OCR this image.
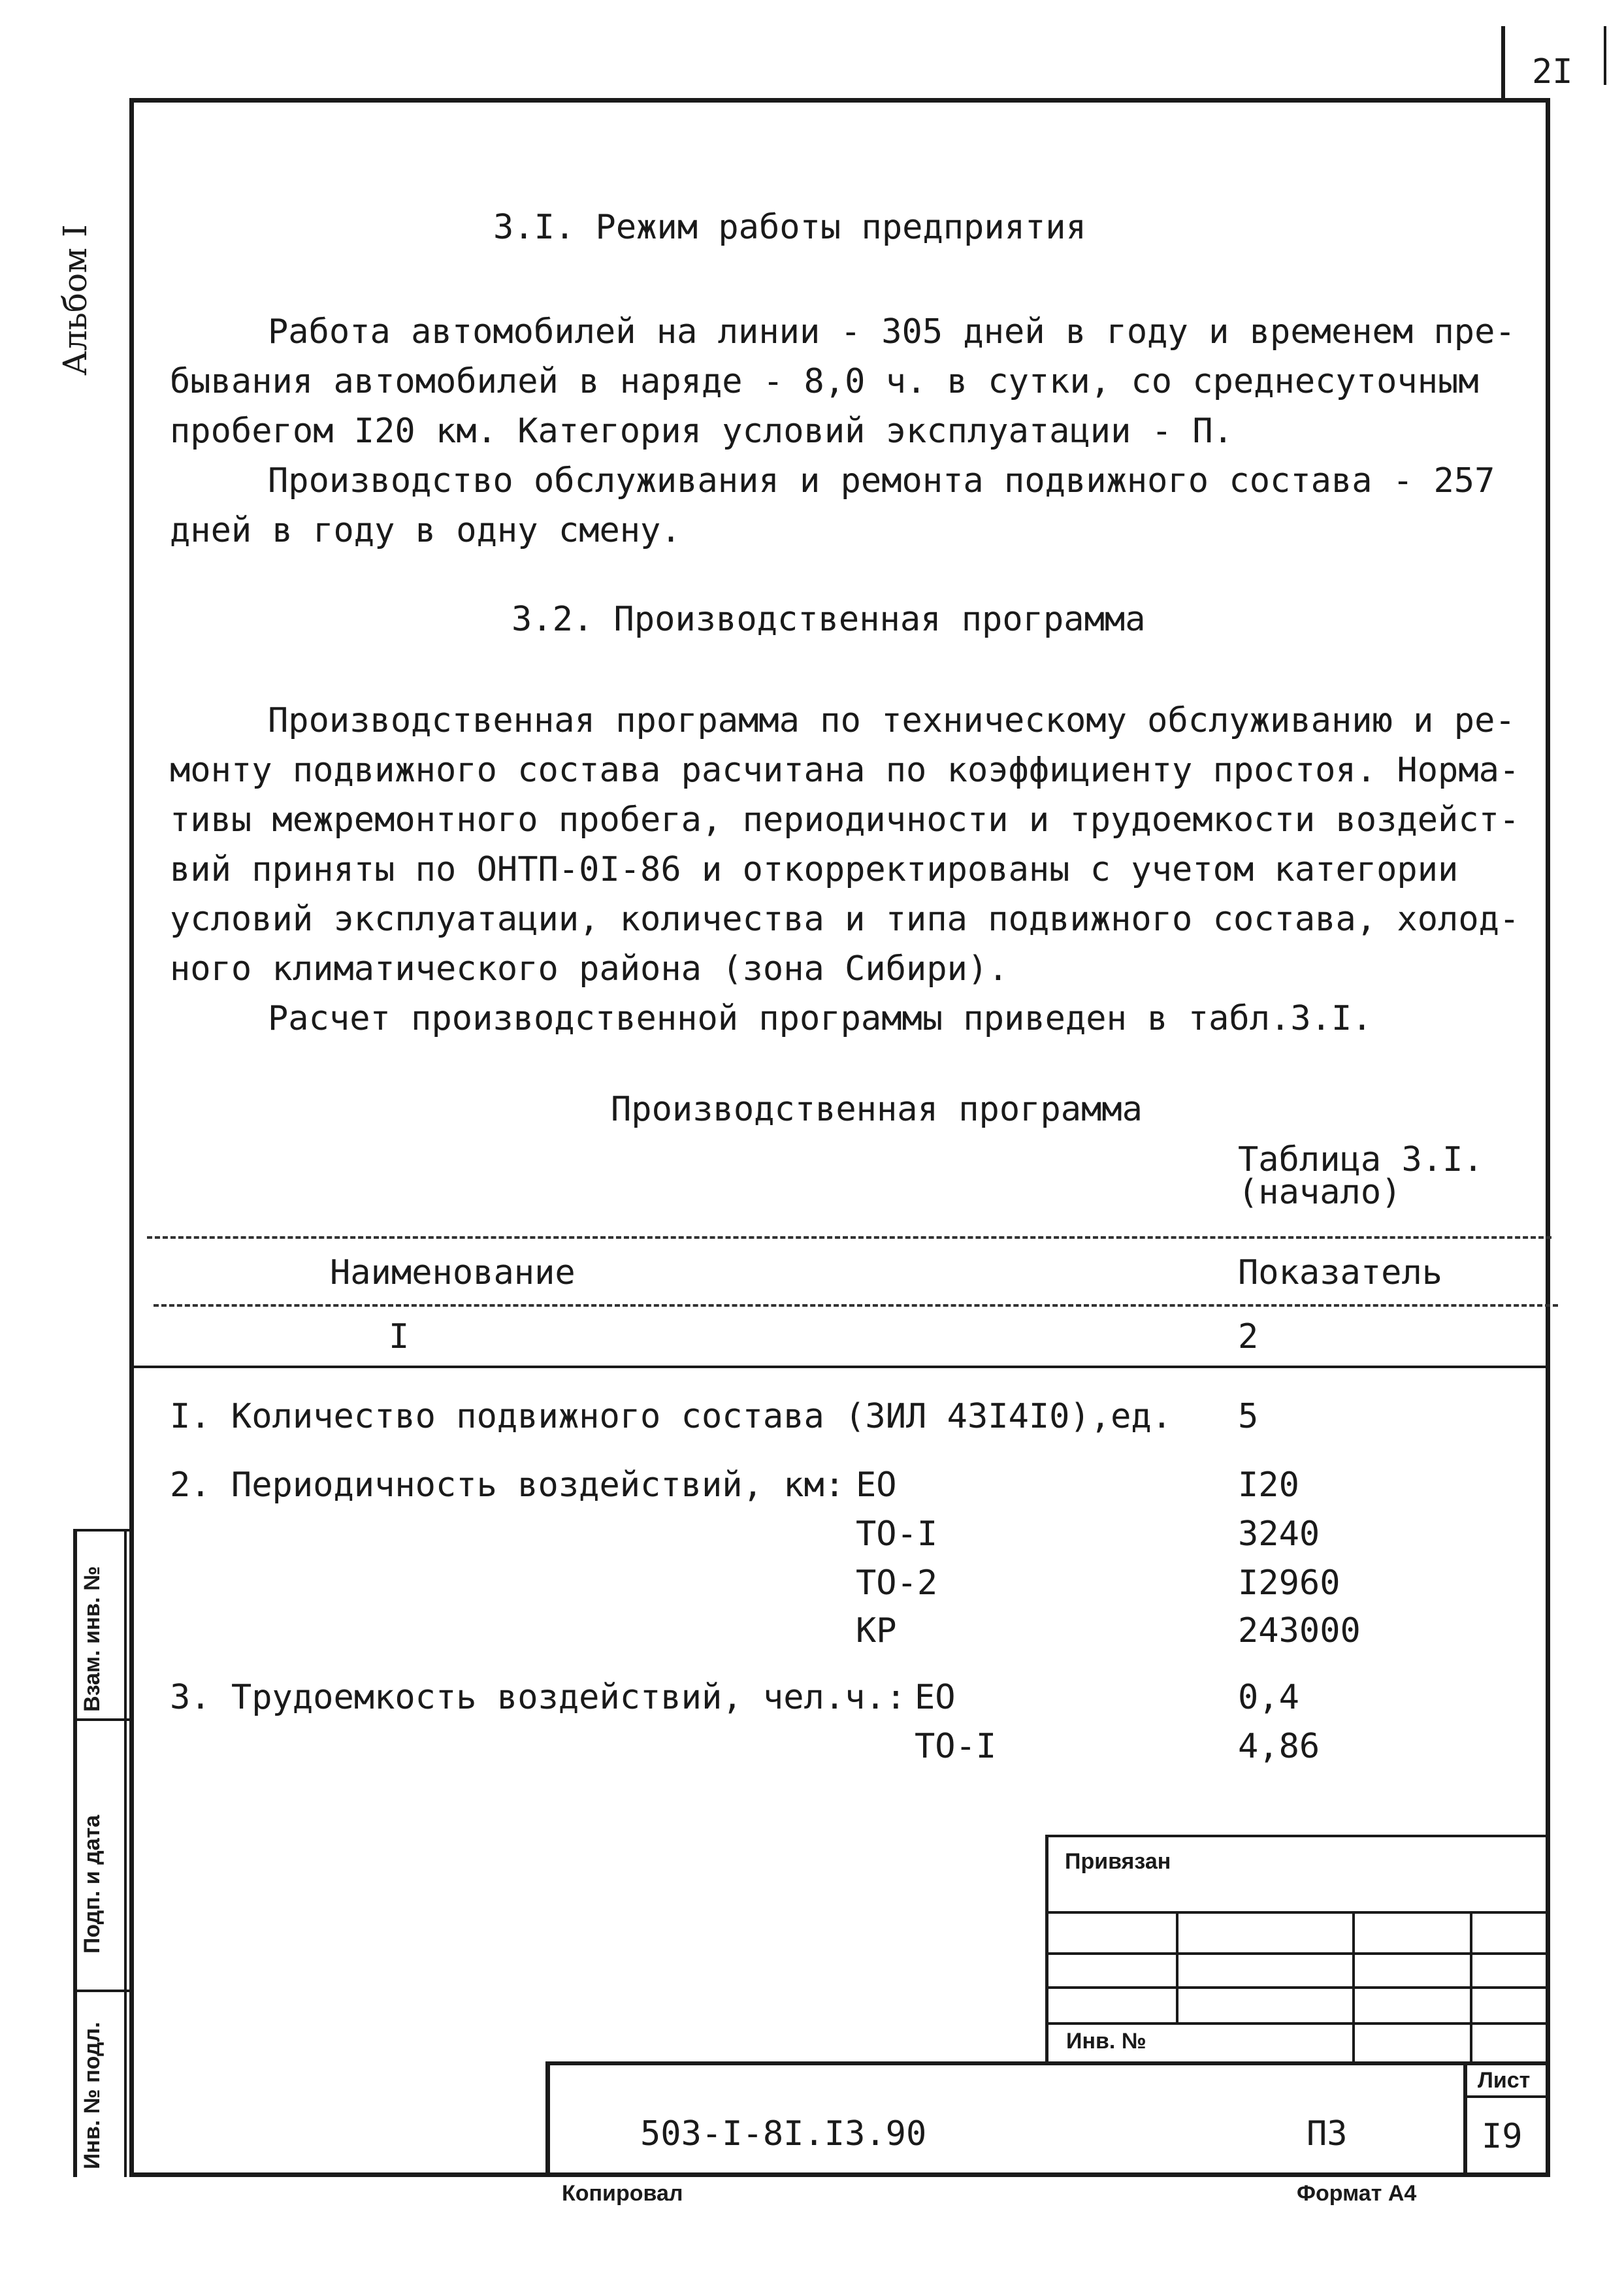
2I
Альбом I	3.I. Режим работы предприятия
Работа автомобилей на линии - 305 дней в году и временем пре-
бывания автомобилей в наряде - 8,0 ч. в сутки, со среднесуточным
пробегом I20 км. Категория условий эксплуатации - П.
Производство обслуживания и ремонта подвижного состава - 257
дней в году в одну смену.
3.2. Производственная программа
Производственная программа по техническому обслуживанию и ре-
монту подвижного состава расчитана по коэффициенту простоя. Норма-
тивы межремонтного пробега, периодичности и трудоемкости воздейст-
вий приняты по ОНТП-0I-86 и откорректированы с учетом категории
условий эксплуатации, количества и типа подвижного состава, холод-
ного климатического района (зона Сибири).
Расчет производственной программы приведен в табл.3.I.
Производственная программа
Таблица 3.I.
(начало)
Наименование	Показатель
I	2
I. Количество подвижного состава (ЗИЛ 43I4I0),ед. 5
2. Периодичность воздействий, км: ЕО	I20
ТО-I	3240
ТО-2	I2960
КР	243000
3. Трудоемкость воздействий, чел.ч.: ЕО	0,4
ТО-I	4,86
Взам. инв. №
Подп. и дата
Инв. № подл.
Привязан
Инв. №
503-I-8I.I3.90	ПЗ
Лист
I9
Копировал	Формат А4
